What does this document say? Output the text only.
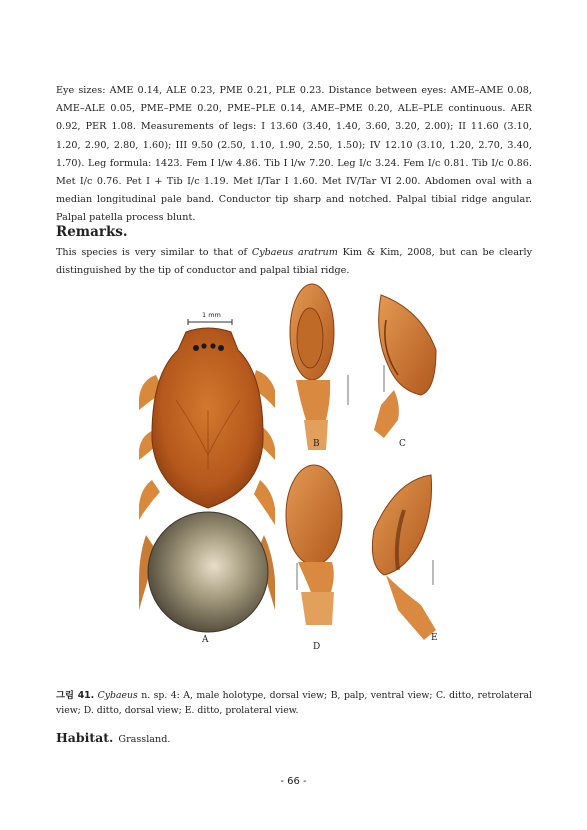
Eye sizes: AME 0.14, ALE 0.23, PME 0.21, PLE 0.23. Distance between eyes: AME–AME 0.08, AME–ALE 0.05, PME–PME 0.20, PME–PLE 0.14, AME–PME 0.20, ALE–PLE continuous. AER 0.92, PER 1.08. Measurements of legs: I 13.60 (3.40, 1.40, 3.60, 3.20, 2.00); II 11.60 (3.10, 1.20, 2.90, 2.80, 1.60); III 9.50 (2.50, 1.10, 1.90, 2.50, 1.50); IV 12.10 (3.10, 1.20, 2.70, 3.40, 1.70). Leg formula: 1423. Fem I l/w 4.86. Tib I l/w 7.20. Leg I/c 3.24. Fem I/c 0.81. Tib I/c 0.86. Met I/c 0.76. Pet I + Tib I/c 1.19. Met I/Tar I 1.60. Met IV/Tar VI 2.00. Abdomen oval with a median longitudinal pale band. Conductor tip sharp and notched. Palpal tibial ridge angular. Palpal patella process blunt.

Remarks.

This species is very similar to that of Cybaeus aratrum Kim & Kim, 2008, but can be clearly distinguished by the tip of conductor and palpal tibial ridge.

1 mm
A
B	C
D
E

그림 41. Cybaeus n. sp. 4: A, male holotype, dorsal view; B, palp, ventral view; C. ditto, retrolateral view; D. ditto, dorsal view; E. ditto, prolateral view.

Habitat. Grassland.
- 66 -
